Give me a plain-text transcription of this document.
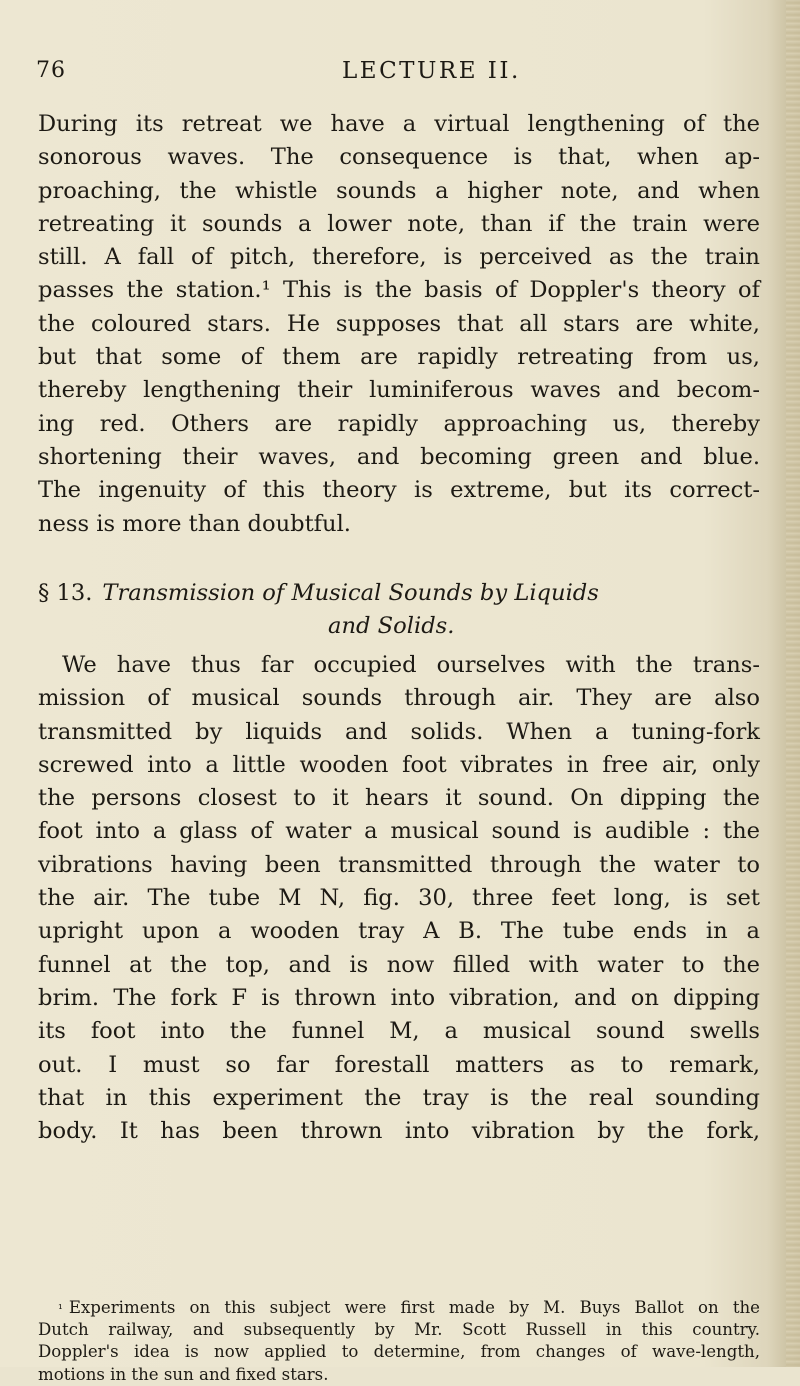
76	LECTURE II.
During its retreat we have a virtual lengthening of the
sonorous waves. The consequence is that, when ap-
proaching, the whistle sounds a higher note, and when
retreating it sounds a lower note, than if the train were
still. A fall of pitch, therefore, is perceived as the train
passes the station.¹ This is the basis of Doppler's theory of
the coloured stars. He supposes that all stars are white,
but that some of them are rapidly retreating from us,
thereby lengthening their luminiferous waves and becom-
ing red. Others are rapidly approaching us, thereby
shortening their waves, and becoming green and blue.
The ingenuity of this theory is extreme, but its correct-
ness is more than doubtful.
§ 13. Transmission of Musical Sounds by Liquids
and Solids.
We have thus far occupied ourselves with the trans-
mission of musical sounds through air. They are also
transmitted by liquids and solids. When a tuning-fork
screwed into a little wooden foot vibrates in free air, only
the persons closest to it hears it sound. On dipping the
foot into a glass of water a musical sound is audible : the
vibrations having been transmitted through the water to
the air. The tube M N, fig. 30, three feet long, is set
upright upon a wooden tray A B. The tube ends in a
funnel at the top, and is now filled with water to the
brim. The fork F is thrown into vibration, and on dipping
its foot into the funnel M, a musical sound swells
out. I must so far forestall matters as to remark,
that in this experiment the tray is the real sounding
body. It has been thrown into vibration by the fork,
$^{^1}$ Experiments on this subject were first made by M. Buys Ballot on the
Dutch railway, and subsequently by Mr. Scott Russell in this country.
Doppler's idea is now applied to determine, from changes of wave-length,
motions in the sun and fixed stars.
